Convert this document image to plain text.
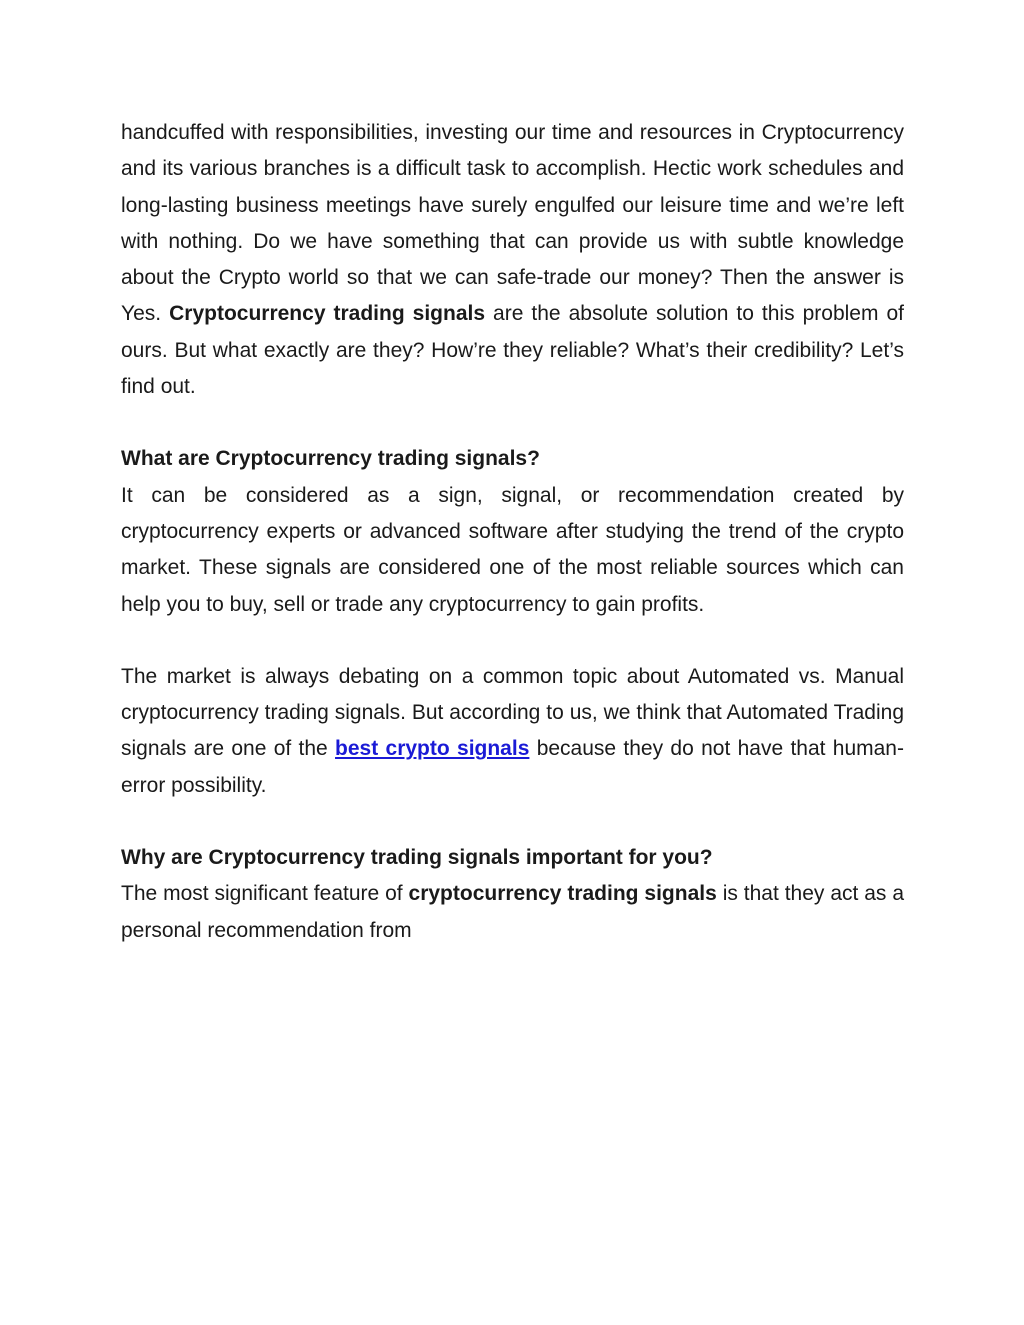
handcuffed with responsibilities, investing our time and resources in Cryptocurrency and its various branches is a difficult task to accomplish. Hectic work schedules and long-lasting business meetings have surely engulfed our leisure time and we’re left with nothing. Do we have something that can provide us with subtle knowledge about the Crypto world so that we can safe-trade our money? Then the answer is Yes. Cryptocurrency trading signals are the absolute solution to this problem of ours. But what exactly are they? How’re they reliable? What’s their credibility? Let’s find out.

What are Cryptocurrency trading signals?

It can be considered as a sign, signal, or recommendation created by cryptocurrency experts or advanced software after studying the trend of the crypto market. These signals are considered one of the most reliable sources which can help you to buy, sell or trade any cryptocurrency to gain profits.

The market is always debating on a common topic about Automated vs. Manual cryptocurrency trading signals. But according to us, we think that Automated Trading signals are one of the best crypto signals because they do not have that human-error possibility.

Why are Cryptocurrency trading signals important for you?

The most significant feature of cryptocurrency trading signals is that they act as a personal recommendation from
